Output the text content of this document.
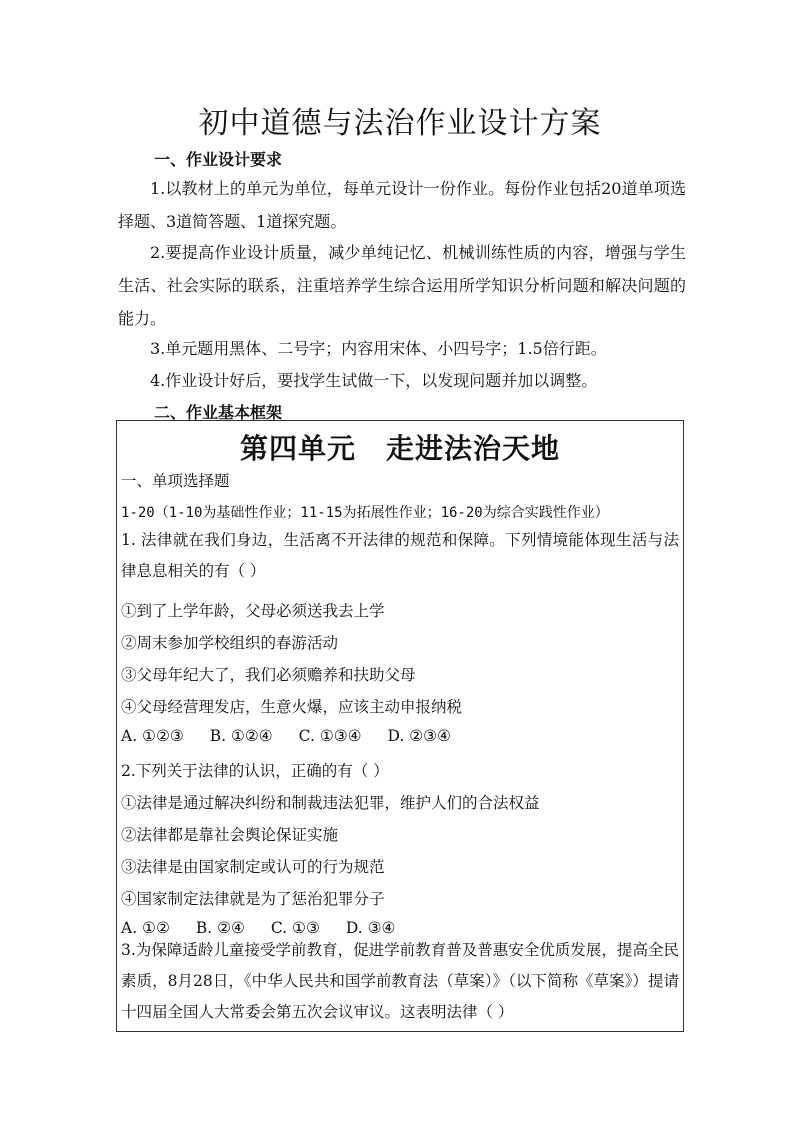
初中道德与法治作业设计方案
一、作业设计要求
1.以教材上的单元为单位，每单元设计一份作业。每份作业包括20道单项选择题、3道简答题、1道探究题。
2.要提高作业设计质量，减少单纯记忆、机械训练性质的内容，增强与学生生活、社会实际的联系，注重培养学生综合运用所学知识分析问题和解决问题的能力。
3.单元题用黑体、二号字；内容用宋体、小四号字；1.5倍行距。
4.作业设计好后，要找学生试做一下，以发现问题并加以调整。
二、作业基本框架
第四单元 走进法治天地
一、单项选择题
1-20（1-10为基础性作业；11-15为拓展性作业；16-20为综合实践性作业）
1. 法律就在我们身边，生活离不开法律的规范和保障。下列情境能体现生活与法律息息相关的有（ ）
①到了上学年龄，父母必须送我去上学
②周末参加学校组织的春游活动
③父母年纪大了，我们必须赡养和扶助父母
④父母经营理发店，生意火爆，应该主动申报纳税
A. ①②③ B. ①②④ C. ①③④ D. ②③④
2.下列关于法律的认识，正确的有（ ）
①法律是通过解决纠纷和制裁违法犯罪，维护人们的合法权益
②法律都是靠社会舆论保证实施
③法律是由国家制定或认可的行为规范
④国家制定法律就是为了惩治犯罪分子
A. ①② B. ②④ C. ①③ D. ③④
3.为保障适龄儿童接受学前教育，促进学前教育普及普惠安全优质发展，提高全民素质，8月28日，《中华人民共和国学前教育法（草案）》（以下简称《草案》）提请十四届全国人大常委会第五次会议审议。这表明法律（ ）
